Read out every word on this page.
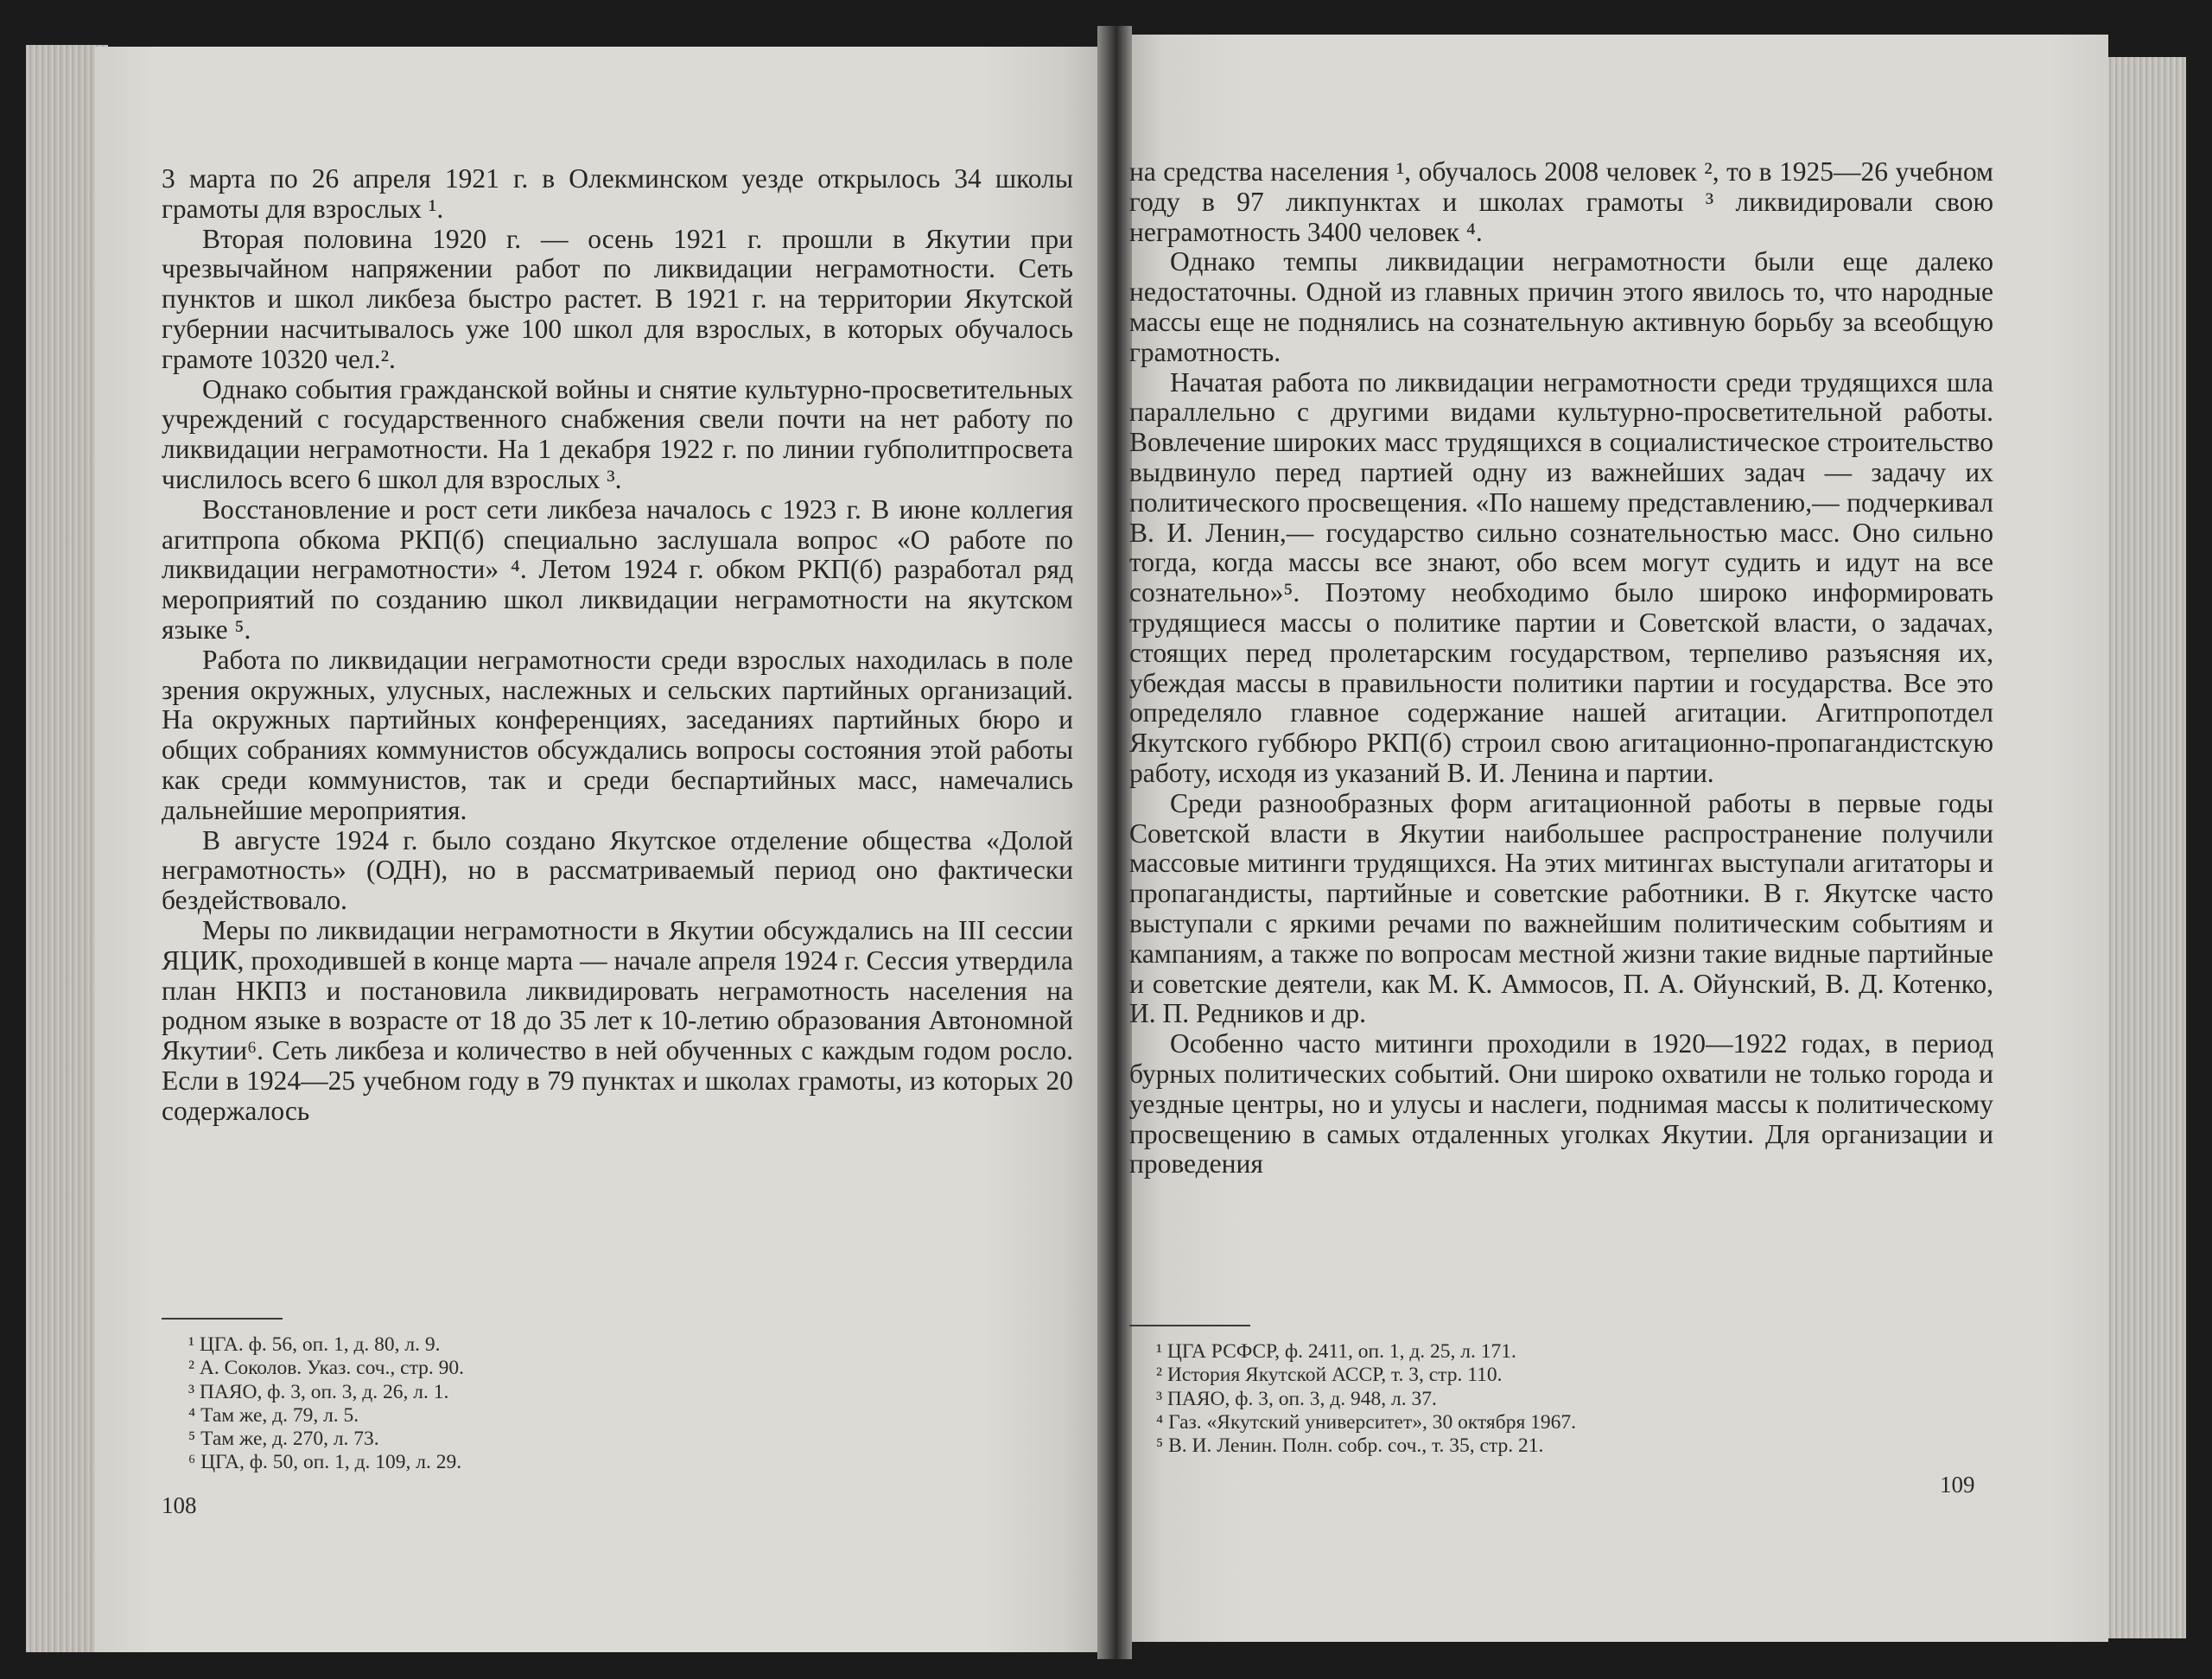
3 марта по 26 апреля 1921 г. в Олекминском уезде открылось 34 школы грамоты для взрослых ¹.

Вторая половина 1920 г. — осень 1921 г. прошли в Якутии при чрезвычайном напряжении работ по ликвидации неграмотности. Сеть пунктов и школ ликбеза быстро растет. В 1921 г. на территории Якутской губернии насчитывалось уже 100 школ для взрослых, в которых обучалось грамоте 10320 чел.².

Однако события гражданской войны и снятие культурно-просветительных учреждений с государственного снабжения свели почти на нет работу по ликвидации неграмотности. На 1 декабря 1922 г. по линии губполитпросвета числилось всего 6 школ для взрослых ³.

Восстановление и рост сети ликбеза началось с 1923 г. В июне коллегия агитпропа обкома РКП(б) специально заслушала вопрос «О работе по ликвидации неграмотности» ⁴. Летом 1924 г. обком РКП(б) разработал ряд мероприятий по созданию школ ликвидации неграмотности на якутском языке ⁵.

Работа по ликвидации неграмотности среди взрослых находилась в поле зрения окружных, улусных, наслежных и сельских партийных организаций. На окружных партийных конференциях, заседаниях партийных бюро и общих собраниях коммунистов обсуждались вопросы состояния этой работы как среди коммунистов, так и среди беспартийных масс, намечались дальнейшие мероприятия.

В августе 1924 г. было создано Якутское отделение общества «Долой неграмотность» (ОДН), но в рассматриваемый период оно фактически бездействовало.

Меры по ликвидации неграмотности в Якутии обсуждались на III сессии ЯЦИК, проходившей в конце марта — начале апреля 1924 г. Сессия утвердила план НКПЗ и постановила ликвидировать неграмотность населения на родном языке в возрасте от 18 до 35 лет к 10-летию образования Автономной Якутии⁶. Сеть ликбеза и количество в ней обученных с каждым годом росло. Если в 1924—25 учебном году в 79 пунктах и школах грамоты, из которых 20 содержалось

¹ ЦГА. ф. 56, оп. 1, д. 80, л. 9.
² А. Соколов. Указ. соч., стр. 90.
³ ПАЯО, ф. 3, оп. 3, д. 26, л. 1.
⁴ Там же, д. 79, л. 5.
⁵ Там же, д. 270, л. 73.
⁶ ЦГА, ф. 50, оп. 1, д. 109, л. 29.
108

на средства населения ¹, обучалось 2008 человек ², то в 1925—26 учебном году в 97 ликпунктах и школах грамоты ³ ликвидировали свою неграмотность 3400 человек ⁴.

Однако темпы ликвидации неграмотности были еще далеко недостаточны. Одной из главных причин этого явилось то, что народные массы еще не поднялись на сознательную активную борьбу за всеобщую грамотность.

Начатая работа по ликвидации неграмотности среди трудящихся шла параллельно с другими видами культурно-просветительной работы. Вовлечение широких масс трудящихся в социалистическое строительство выдвинуло перед партией одну из важнейших задач — задачу их политического просвещения. «По нашему представлению,— подчеркивал В. И. Ленин,— государство сильно сознательностью масс. Оно сильно тогда, когда массы все знают, обо всем могут судить и идут на все сознательно»⁵. Поэтому необходимо было широко информировать трудящиеся массы о политике партии и Советской власти, о задачах, стоящих перед пролетарским государством, терпеливо разъясняя их, убеждая массы в правильности политики партии и государства. Все это определяло главное содержание нашей агитации. Агитпропотдел Якутского губбюро РКП(б) строил свою агитационно-пропагандистскую работу, исходя из указаний В. И. Ленина и партии.

Среди разнообразных форм агитационной работы в первые годы Советской власти в Якутии наибольшее распространение получили массовые митинги трудящихся. На этих митингах выступали агитаторы и пропагандисты, партийные и советские работники. В г. Якутске часто выступали с яркими речами по важнейшим политическим событиям и кампаниям, а также по вопросам местной жизни такие видные партийные и советские деятели, как М. К. Аммосов, П. А. Ойунский, В. Д. Котенко, И. П. Редников и др.

Особенно часто митинги проходили в 1920—1922 годах, в период бурных политических событий. Они широко охватили не только города и уездные центры, но и улусы и наслеги, поднимая массы к политическому просвещению в самых отдаленных уголках Якутии. Для организации и проведения

¹ ЦГА РСФСР, ф. 2411, оп. 1, д. 25, л. 171.
² История Якутской АССР, т. 3, стр. 110.
³ ПАЯО, ф. 3, оп. 3, д. 948, л. 37.
⁴ Газ. «Якутский университет», 30 октября 1967.
⁵ В. И. Ленин. Полн. собр. соч., т. 35, стр. 21.
109
